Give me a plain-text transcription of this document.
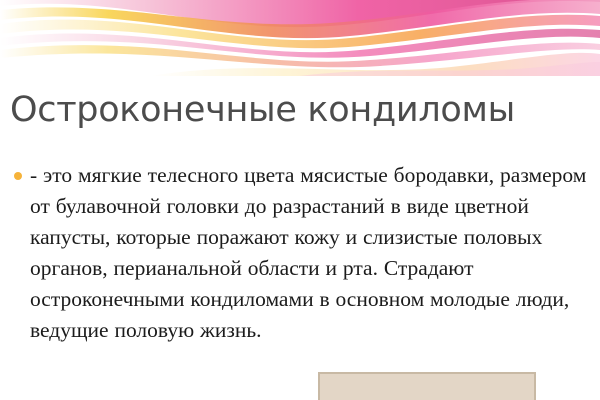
Остроконечные кондиломы
- это мягкие телесного цвета мясистые бородавки, размером от булавочной головки до разрастаний в виде цветной капусты, которые поражают кожу и слизистые половых органов, перианальной области и рта. Страдают остроконечными кондиломами в основном молодые люди, ведущие половую жизнь.
